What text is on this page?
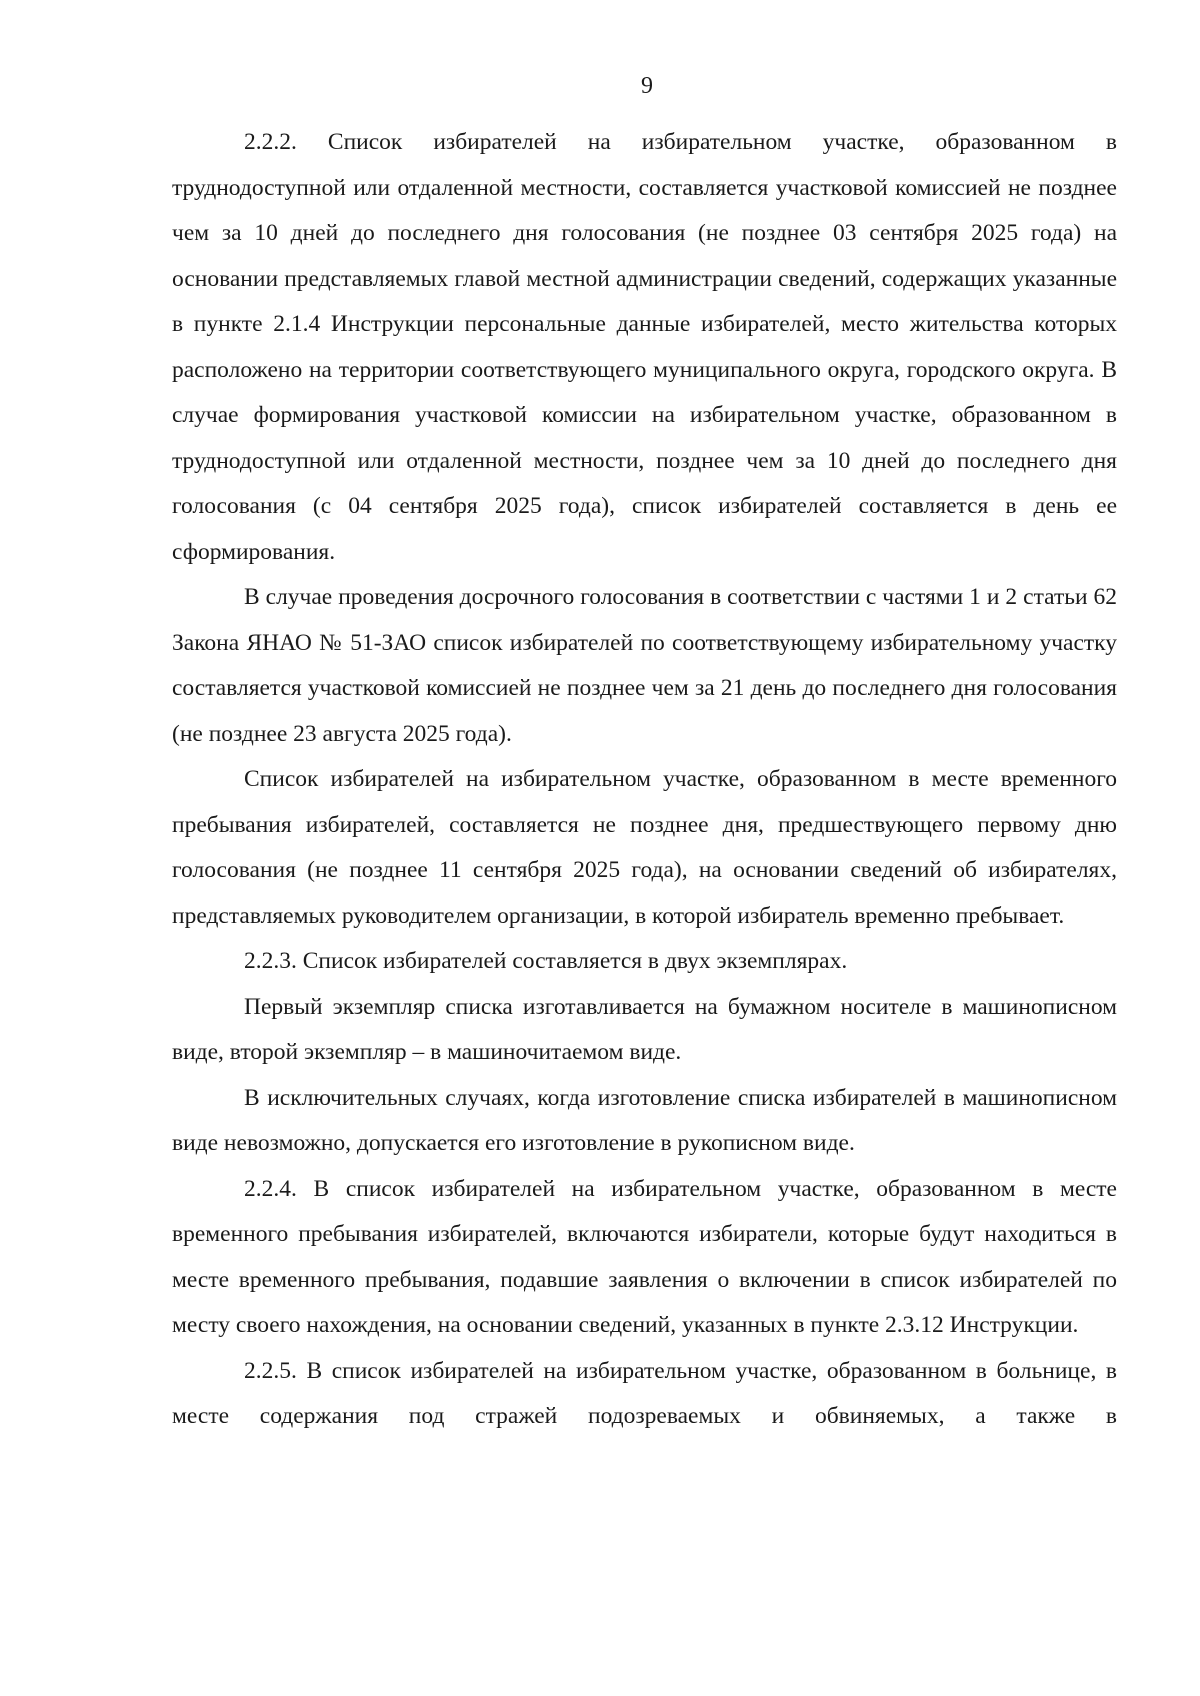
9

2.2.2. Список избирателей на избирательном участке, образованном в труднодоступной или отдаленной местности, составляется участковой комиссией не позднее чем за 10 дней до последнего дня голосования (не позднее 03 сентября 2025 года) на основании представляемых главой местной администрации сведений, содержащих указанные в пункте 2.1.4 Инструкции персональные данные избирателей, место жительства которых расположено на территории соответствующего муниципального округа, городского округа. В случае формирования участковой комиссии на избирательном участке, образованном в труднодоступной или отдаленной местности, позднее чем за 10 дней до последнего дня голосования (с 04 сентября 2025 года), список избирателей составляется в день ее сформирования.

В случае проведения досрочного голосования в соответствии с частями 1 и 2 статьи 62 Закона ЯНАО № 51-ЗАО список избирателей по соответствующему избирательному участку составляется участковой комиссией не позднее чем за 21 день до последнего дня голосования (не позднее 23 августа 2025 года).

Список избирателей на избирательном участке, образованном в месте временного пребывания избирателей, составляется не позднее дня, предшествующего первому дню голосования (не позднее 11 сентября 2025 года), на основании сведений об избирателях, представляемых руководителем организации, в которой избиратель временно пребывает.

2.2.3. Список избирателей составляется в двух экземплярах.

Первый экземпляр списка изготавливается на бумажном носителе в машинописном виде, второй экземпляр – в машиночитаемом виде.

В исключительных случаях, когда изготовление списка избирателей в машинописном виде невозможно, допускается его изготовление в рукописном виде.

2.2.4. В список избирателей на избирательном участке, образованном в месте временного пребывания избирателей, включаются избиратели, которые будут находиться в месте временного пребывания, подавшие заявления о включении в список избирателей по месту своего нахождения, на основании сведений, указанных в пункте 2.3.12 Инструкции.

2.2.5. В список избирателей на избирательном участке, образованном в больнице, в месте содержания под стражей подозреваемых и обвиняемых, а также в
